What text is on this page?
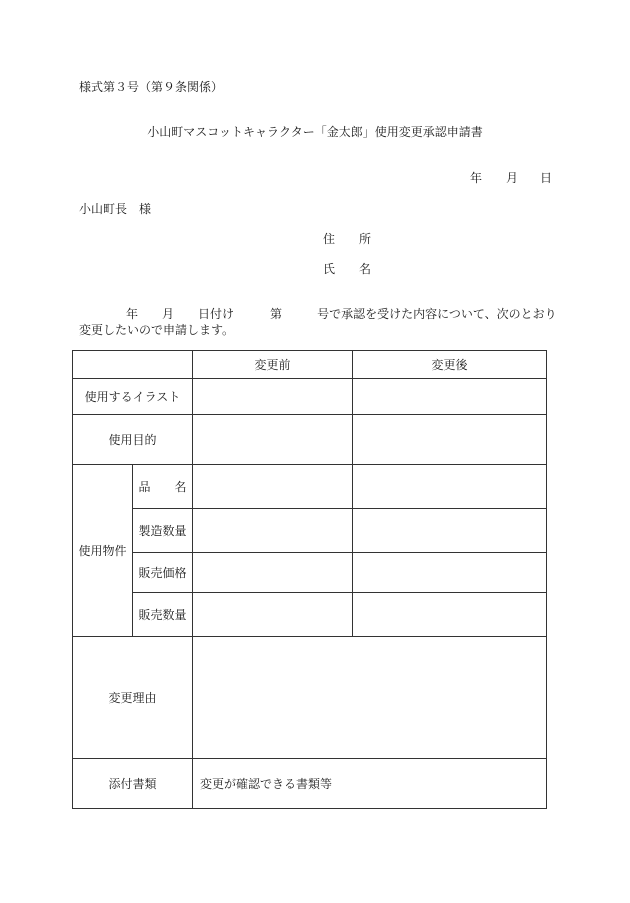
様式第３号（第９条関係）
小山町マスコットキャラクター「金太郎」使用変更承認申請書
年 月 日
小山町長　様
住　　所
氏　　名
年 月 日付け	第	号で承認を受けた内容について、次のとおり
変更したいので申請します。
		変更前	変更後
使用するイラスト			
使用目的			
使用物件	品　　名		
	製造数量		
	販売価格		
	販売数量		
変更理由			
添付書類		変更が確認できる書類等	
